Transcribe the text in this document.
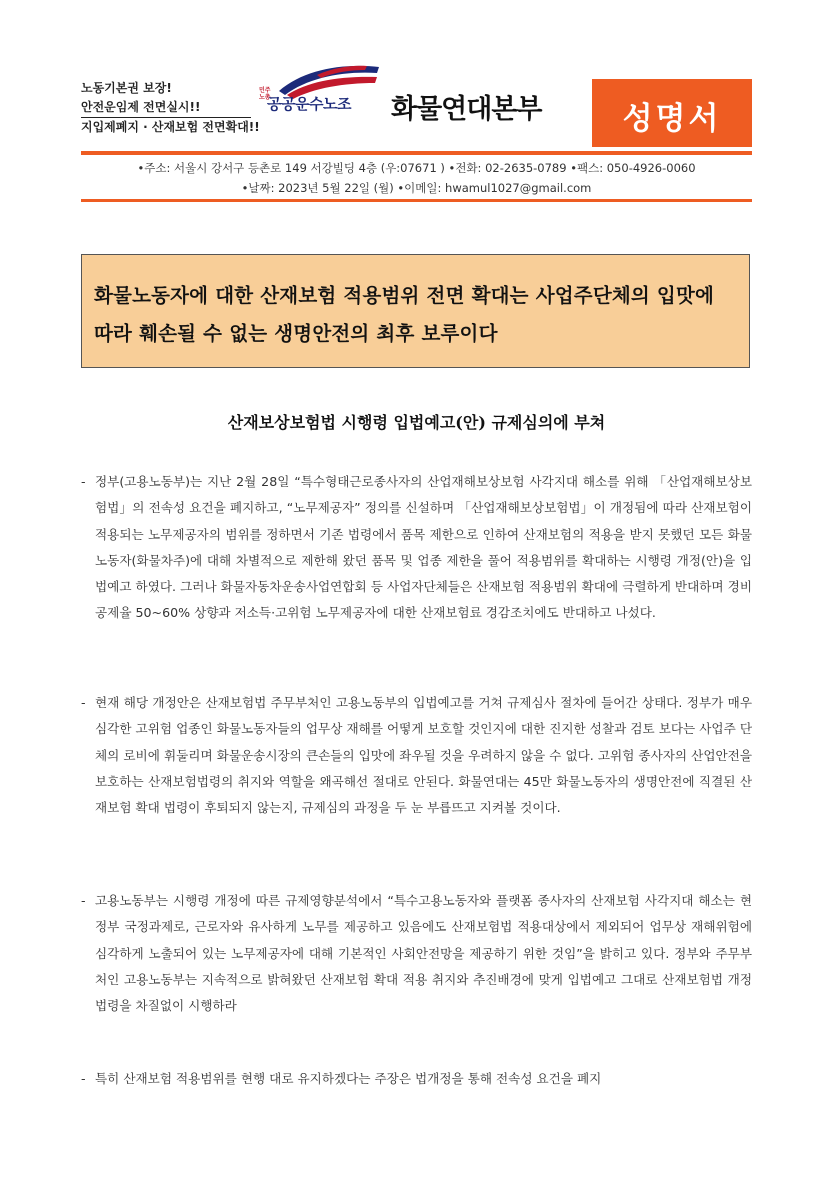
노동기본권 보장!
안전운임제 전면실시!!
지입제폐지 · 산재보험 전면확대!!
민주노총
공공운수노조 화물연대본부	성명서
•주소: 서울시 강서구 등촌로 149 서강빌딩 4층 (우:07671 ) •전화: 02-2635-0789 •팩스: 050-4926-0060
•날짜: 2023년 5월 22일 (월) •이메일: hwamul1027@gmail.com
화물노동자에 대한 산재보험 적용범위 전면 확대는 사업주단체의 입맛에 따라 훼손될 수 없는 생명안전의 최후 보루이다
산재보상보험법 시행령 입법예고(안) 규제심의에 부쳐
- 정부(고용노동부)는 지난 2월 28일 “특수형태근로종사자의 산업재해보상보험 사각지대 해소를 위해 「산업재해보상보험법」의 전속성 요건을 폐지하고, “노무제공자” 정의를 신설하며 「산업재해보상보험법」이 개정됨에 따라 산재보험이 적용되는 노무제공자의 범위를 정하면서 기존 법령에서 품목 제한으로 인하여 산재보험의 적용을 받지 못했던 모든 화물노동자(화물차주)에 대해 차별적으로 제한해 왔던 품목 및 업종 제한을 풀어 적용범위를 확대하는 시행령 개정(안)을 입법예고 하였다. 그러나 화물자동차운송사업연합회 등 사업자단체들은 산재보험 적용범위 확대에 극렬하게 반대하며 경비공제율 50~60% 상향과 저소득·고위험 노무제공자에 대한 산재보험료 경감조치에도 반대하고 나섰다.
- 현재 해당 개정안은 산재보험법 주무부처인 고용노동부의 입법예고를 거쳐 규제심사 절차에 들어간 상태다. 정부가 매우 심각한 고위험 업종인 화물노동자들의 업무상 재해를 어떻게 보호할 것인지에 대한 진지한 성찰과 검토 보다는 사업주 단체의 로비에 휘둘리며 화물운송시장의 큰손들의 입맛에 좌우될 것을 우려하지 않을 수 없다. 고위험 종사자의 산업안전을 보호하는 산재보험법령의 취지와 역할을 왜곡해선 절대로 안된다. 화물연대는 45만 화물노동자의 생명안전에 직결된 산재보험 확대 법령이 후퇴되지 않는지, 규제심의 과정을 두 눈 부릅뜨고 지켜볼 것이다.
- 고용노동부는 시행령 개정에 따른 규제영향분석에서 “특수고용노동자와 플랫폼 종사자의 산재보험 사각지대 해소는 현 정부 국정과제로, 근로자와 유사하게 노무를 제공하고 있음에도 산재보험법 적용대상에서 제외되어 업무상 재해위험에 심각하게 노출되어 있는 노무제공자에 대해 기본적인 사회안전망을 제공하기 위한 것임”을 밝히고 있다. 정부와 주무부처인 고용노동부는 지속적으로 밝혀왔던 산재보험 확대 적용 취지와 추진배경에 맞게 입법예고 그대로 산재보험법 개정법령을 차질없이 시행하라
- 특히 산재보험 적용범위를 현행 대로 유지하겠다는 주장은 법개정을 통해 전속성 요건을 폐지
